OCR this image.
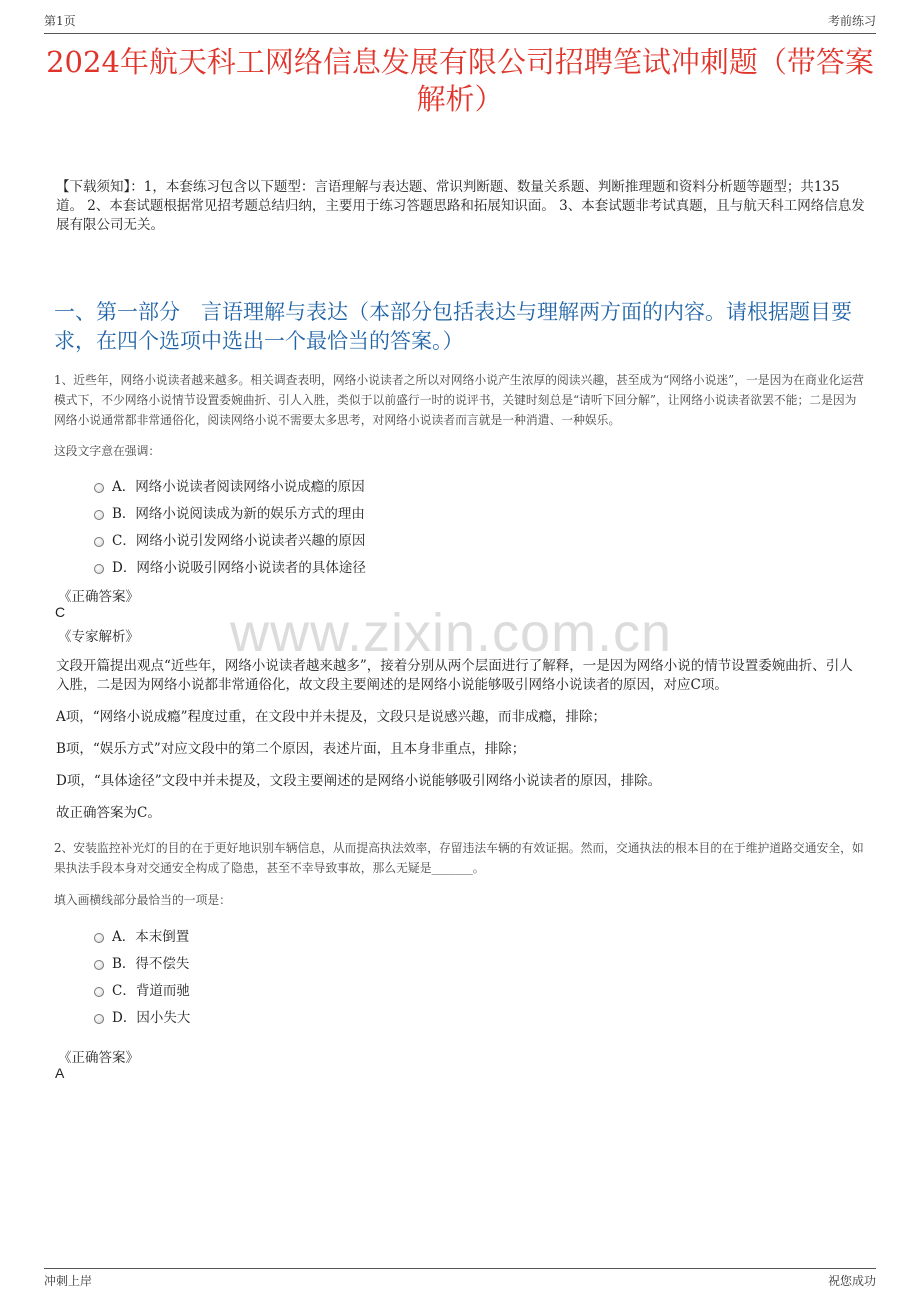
第1页	考前练习
2024年航天科工网络信息发展有限公司招聘笔试冲刺题（带答案解析）
【下载须知】：1，本套练习包含以下题型：言语理解与表达题、常识判断题、数量关系题、判断推理题和资料分析题等题型；共135道。 2、本套试题根据常见招考题总结归纳，主要用于练习答题思路和拓展知识面。 3、本套试题非考试真题，且与航天科工网络信息发展有限公司无关。
一、第一部分　言语理解与表达（本部分包括表达与理解两方面的内容。请根据题目要求，在四个选项中选出一个最恰当的答案。）
1、近些年，网络小说读者越来越多。相关调查表明，网络小说读者之所以对网络小说产生浓厚的阅读兴趣，甚至成为“网络小说迷”，一是因为在商业化运营模式下，不少网络小说情节设置委婉曲折、引人入胜，类似于以前盛行一时的说评书，关键时刻总是“请听下回分解”，让网络小说读者欲罢不能；二是因为网络小说通常都非常通俗化，阅读网络小说不需要太多思考，对网络小说读者而言就是一种消遣、一种娱乐。
这段文字意在强调：
A．网络小说读者阅读网络小说成瘾的原因
B．网络小说阅读成为新的娱乐方式的理由
C．网络小说引发网络小说读者兴趣的原因
D．网络小说吸引网络小说读者的具体途径
《正确答案》
C
《专家解析》 www.zixin.com.cn
文段开篇提出观点“近些年，网络小说读者越来越多”，接着分别从两个层面进行了解释，一是因为网络小说的情节设置委婉曲折、引人入胜，二是因为网络小说都非常通俗化，故文段主要阐述的是网络小说能够吸引网络小说读者的原因，对应C项。
A项，“网络小说成瘾”程度过重，在文段中并未提及，文段只是说感兴趣，而非成瘾，排除；
B项，“娱乐方式”对应文段中的第二个原因，表述片面，且本身非重点，排除；
D项，“具体途径”文段中并未提及，文段主要阐述的是网络小说能够吸引网络小说读者的原因，排除。
故正确答案为C。
2、安装监控补光灯的目的在于更好地识别车辆信息，从而提高执法效率，存留违法车辆的有效证据。然而，交通执法的根本目的在于维护道路交通安全，如果执法手段本身对交通安全构成了隐患，甚至不幸导致事故，那么无疑是_______。
填入画横线部分最恰当的一项是：
A．本末倒置
B．得不偿失
C．背道而驰
D．因小失大
《正确答案》
A
冲刺上岸	祝您成功
